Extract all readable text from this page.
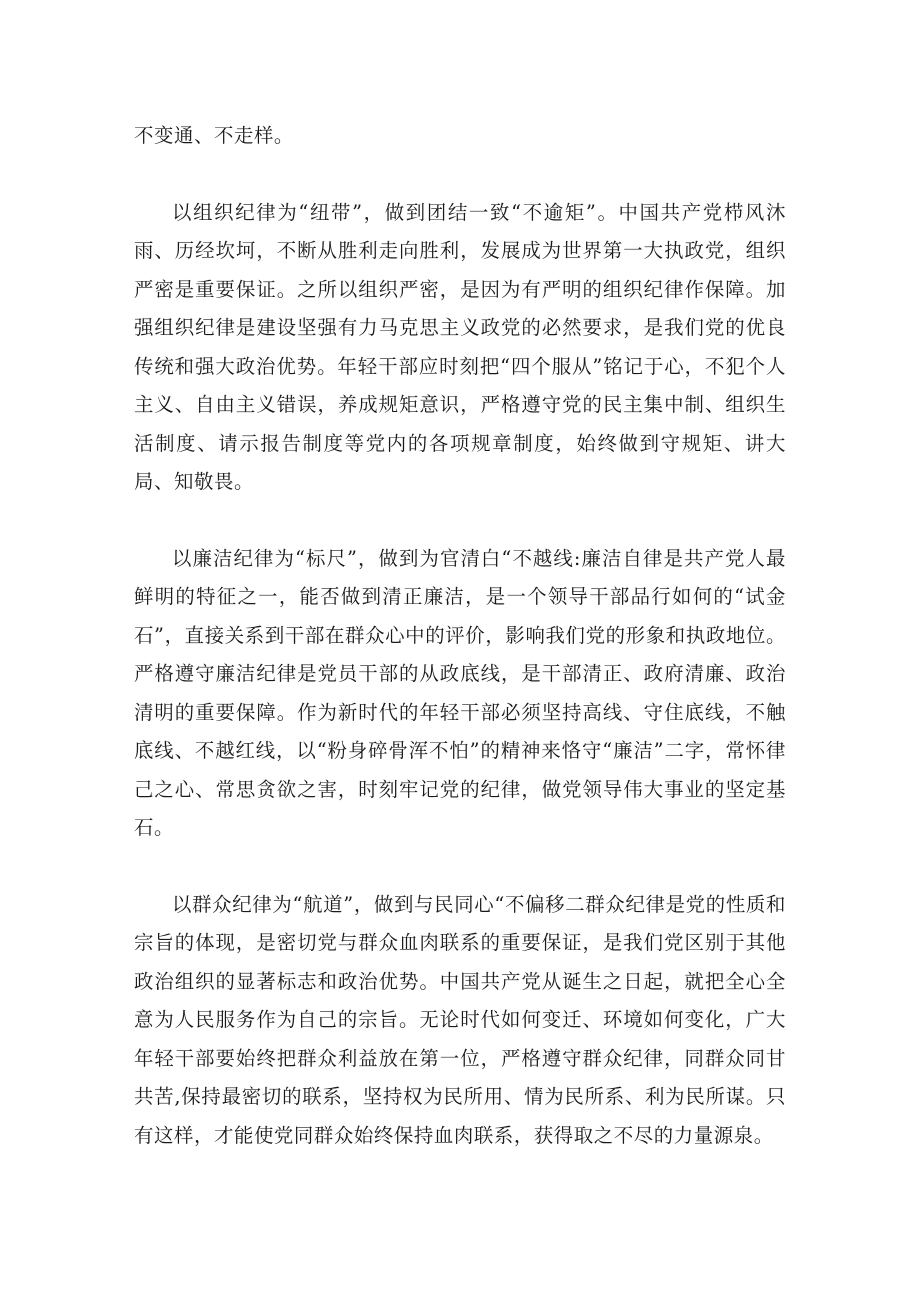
不变通、不走样。

以组织纪律为“纽带”，做到团结一致“不逾矩”。中国共产党栉风沐雨、历经坎坷，不断从胜利走向胜利，发展成为世界第一大执政党，组织严密是重要保证。之所以组织严密，是因为有严明的组织纪律作保障。加强组织纪律是建设坚强有力马克思主义政党的必然要求，是我们党的优良传统和强大政治优势。年轻干部应时刻把“四个服从”铭记于心，不犯个人主义、自由主义错误，养成规矩意识，严格遵守党的民主集中制、组织生活制度、请示报告制度等党内的各项规章制度，始终做到守规矩、讲大局、知敬畏。

以廉洁纪律为“标尺”，做到为官清白“不越线:廉洁自律是共产党人最鲜明的特征之一，能否做到清正廉洁，是一个领导干部品行如何的“试金石”，直接关系到干部在群众心中的评价，影响我们党的形象和执政地位。严格遵守廉洁纪律是党员干部的从政底线，是干部清正、政府清廉、政治清明的重要保障。作为新时代的年轻干部必须坚持高线、守住底线，不触底线、不越红线，以“粉身碎骨浑不怕”的精神来恪守“廉洁”二字，常怀律己之心、常思贪欲之害，时刻牢记党的纪律，做党领导伟大事业的坚定基石。

以群众纪律为“航道”，做到与民同心“不偏移二群众纪律是党的性质和宗旨的体现，是密切党与群众血肉联系的重要保证，是我们党区别于其他政治组织的显著标志和政治优势。中国共产党从诞生之日起，就把全心全意为人民服务作为自己的宗旨。无论时代如何变迁、环境如何变化，广大年轻干部要始终把群众利益放在第一位，严格遵守群众纪律，同群众同甘共苦,保持最密切的联系，坚持权为民所用、情为民所系、利为民所谋。只有这样，才能使党同群众始终保持血肉联系，获得取之不尽的力量源泉。
